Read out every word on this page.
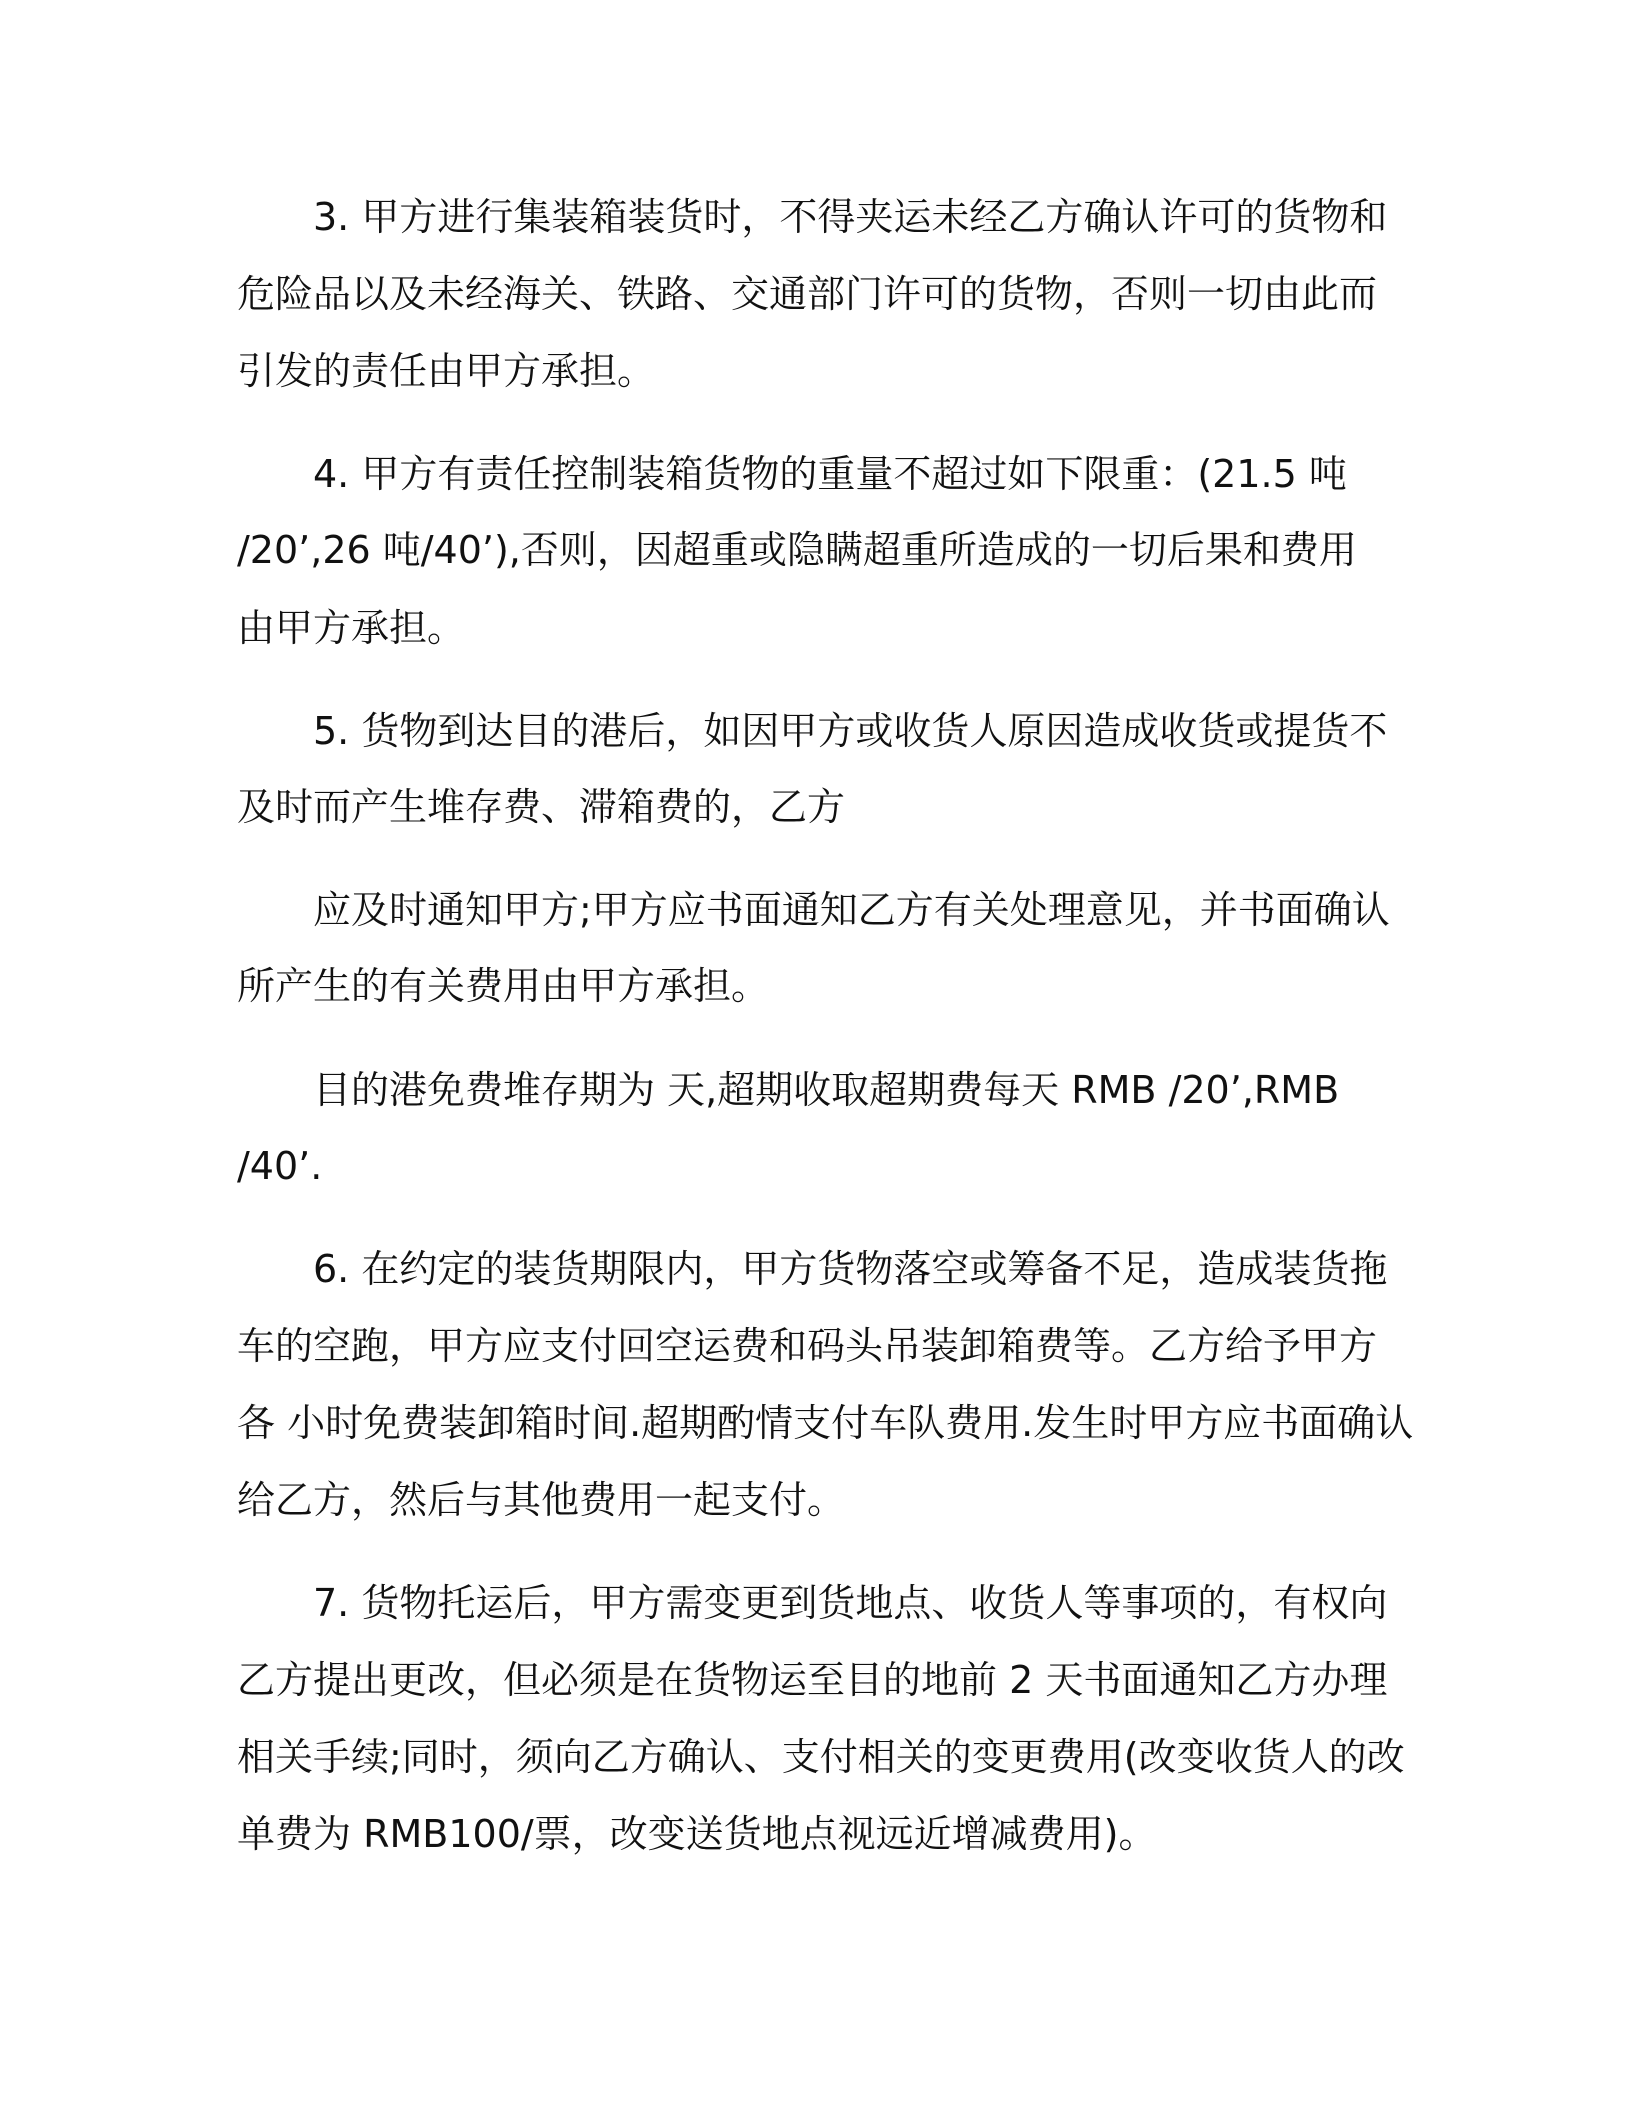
3. 甲方进行集装箱装货时，不得夹运未经乙方确认许可的货物和

危险品以及未经海关、铁路、交通部门许可的货物，否则一切由此而

引发的责任由甲方承担。

4. 甲方有责任控制装箱货物的重量不超过如下限重：(21.5 吨

/20’,26 吨/40’),否则，因超重或隐瞒超重所造成的一切后果和费用

由甲方承担。

5. 货物到达目的港后，如因甲方或收货人原因造成收货或提货不

及时而产生堆存费、滞箱费的，乙方

应及时通知甲方;甲方应书面通知乙方有关处理意见，并书面确认

所产生的有关费用由甲方承担。

目的港免费堆存期为 天,超期收取超期费每天 RMB /20’,RMB

/40’.

6. 在约定的装货期限内，甲方货物落空或筹备不足，造成装货拖

车的空跑，甲方应支付回空运费和码头吊装卸箱费等。乙方给予甲方

各 小时免费装卸箱时间.超期酌情支付车队费用.发生时甲方应书面确认

给乙方，然后与其他费用一起支付。

7. 货物托运后，甲方需变更到货地点、收货人等事项的，有权向

乙方提出更改，但必须是在货物运至目的地前 2 天书面通知乙方办理

相关手续;同时，须向乙方确认、支付相关的变更费用(改变收货人的改

单费为 RMB100/票，改变送货地点视远近增减费用)。
